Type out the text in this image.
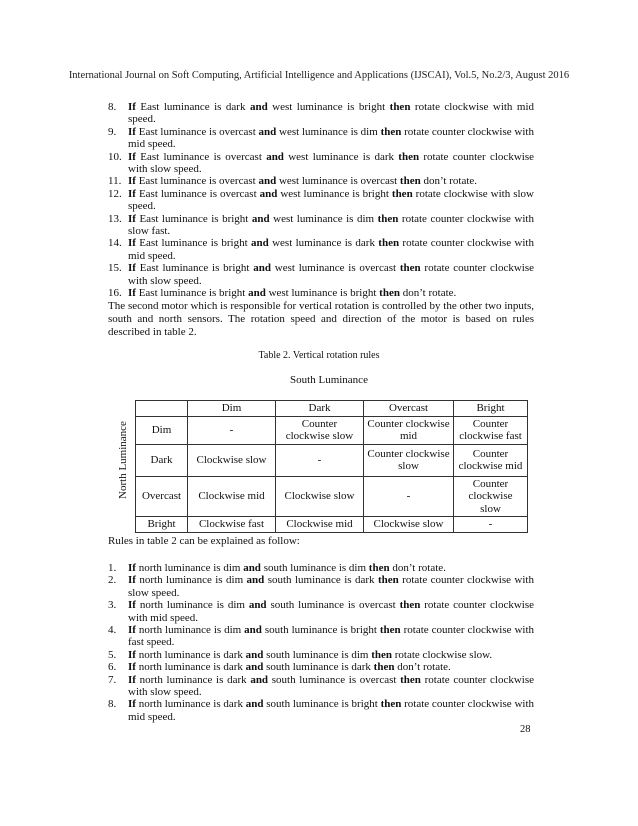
International Journal on Soft Computing, Artificial Intelligence and Applications (IJSCAI), Vol.5, No.2/3, August 2016
8. If East luminance is dark and west luminance is bright then rotate clockwise with mid speed.
9. If East luminance is overcast and west luminance is dim then rotate counter clockwise with mid speed.
10. If East luminance is overcast and west luminance is dark then rotate counter clockwise with slow speed.
11. If East luminance is overcast and west luminance is overcast then don’t rotate.
12. If East luminance is overcast and west luminance is bright then rotate clockwise with slow speed.
13. If East luminance is bright and west luminance is dim then rotate counter clockwise with slow fast.
14. If East luminance is bright and west luminance is dark then rotate counter clockwise with mid speed.
15. If East luminance is bright and west luminance is overcast then rotate counter clockwise with slow speed.
16. If East luminance is bright and west luminance is bright then don’t rotate.

The second motor which is responsible for vertical rotation is controlled by the other two inputs, south and north sensors. The rotation speed and direction of the motor is based on rules described in table 2.

Table 2. Vertical rotation rules
South Luminance
North Luminance
	Dim	Dark	Overcast	Bright
Dim	-	Counter clockwise slow	Counter clockwise mid	Counter clockwise fast
Dark	Clockwise slow	-	Counter clockwise slow	Counter clockwise mid
Overcast	Clockwise mid	Clockwise slow	-	Counter clockwise slow
Bright	Clockwise fast	Clockwise mid	Clockwise slow	-

Rules in table 2 can be explained as follow:

1. If north luminance is dim and south luminance is dim then don’t rotate.
2. If north luminance is dim and south luminance is dark then rotate counter clockwise with slow speed.
3. If north luminance is dim and south luminance is overcast then rotate counter clockwise with mid speed.
4. If north luminance is dim and south luminance is bright then rotate counter clockwise with fast speed.
5. If north luminance is dark and south luminance is dim then rotate clockwise slow.
6. If north luminance is dark and south luminance is dark then don’t rotate.
7. If north luminance is dark and south luminance is overcast then rotate counter clockwise with slow speed.
8. If north luminance is dark and south luminance is bright then rotate counter clockwise with mid speed.
28
